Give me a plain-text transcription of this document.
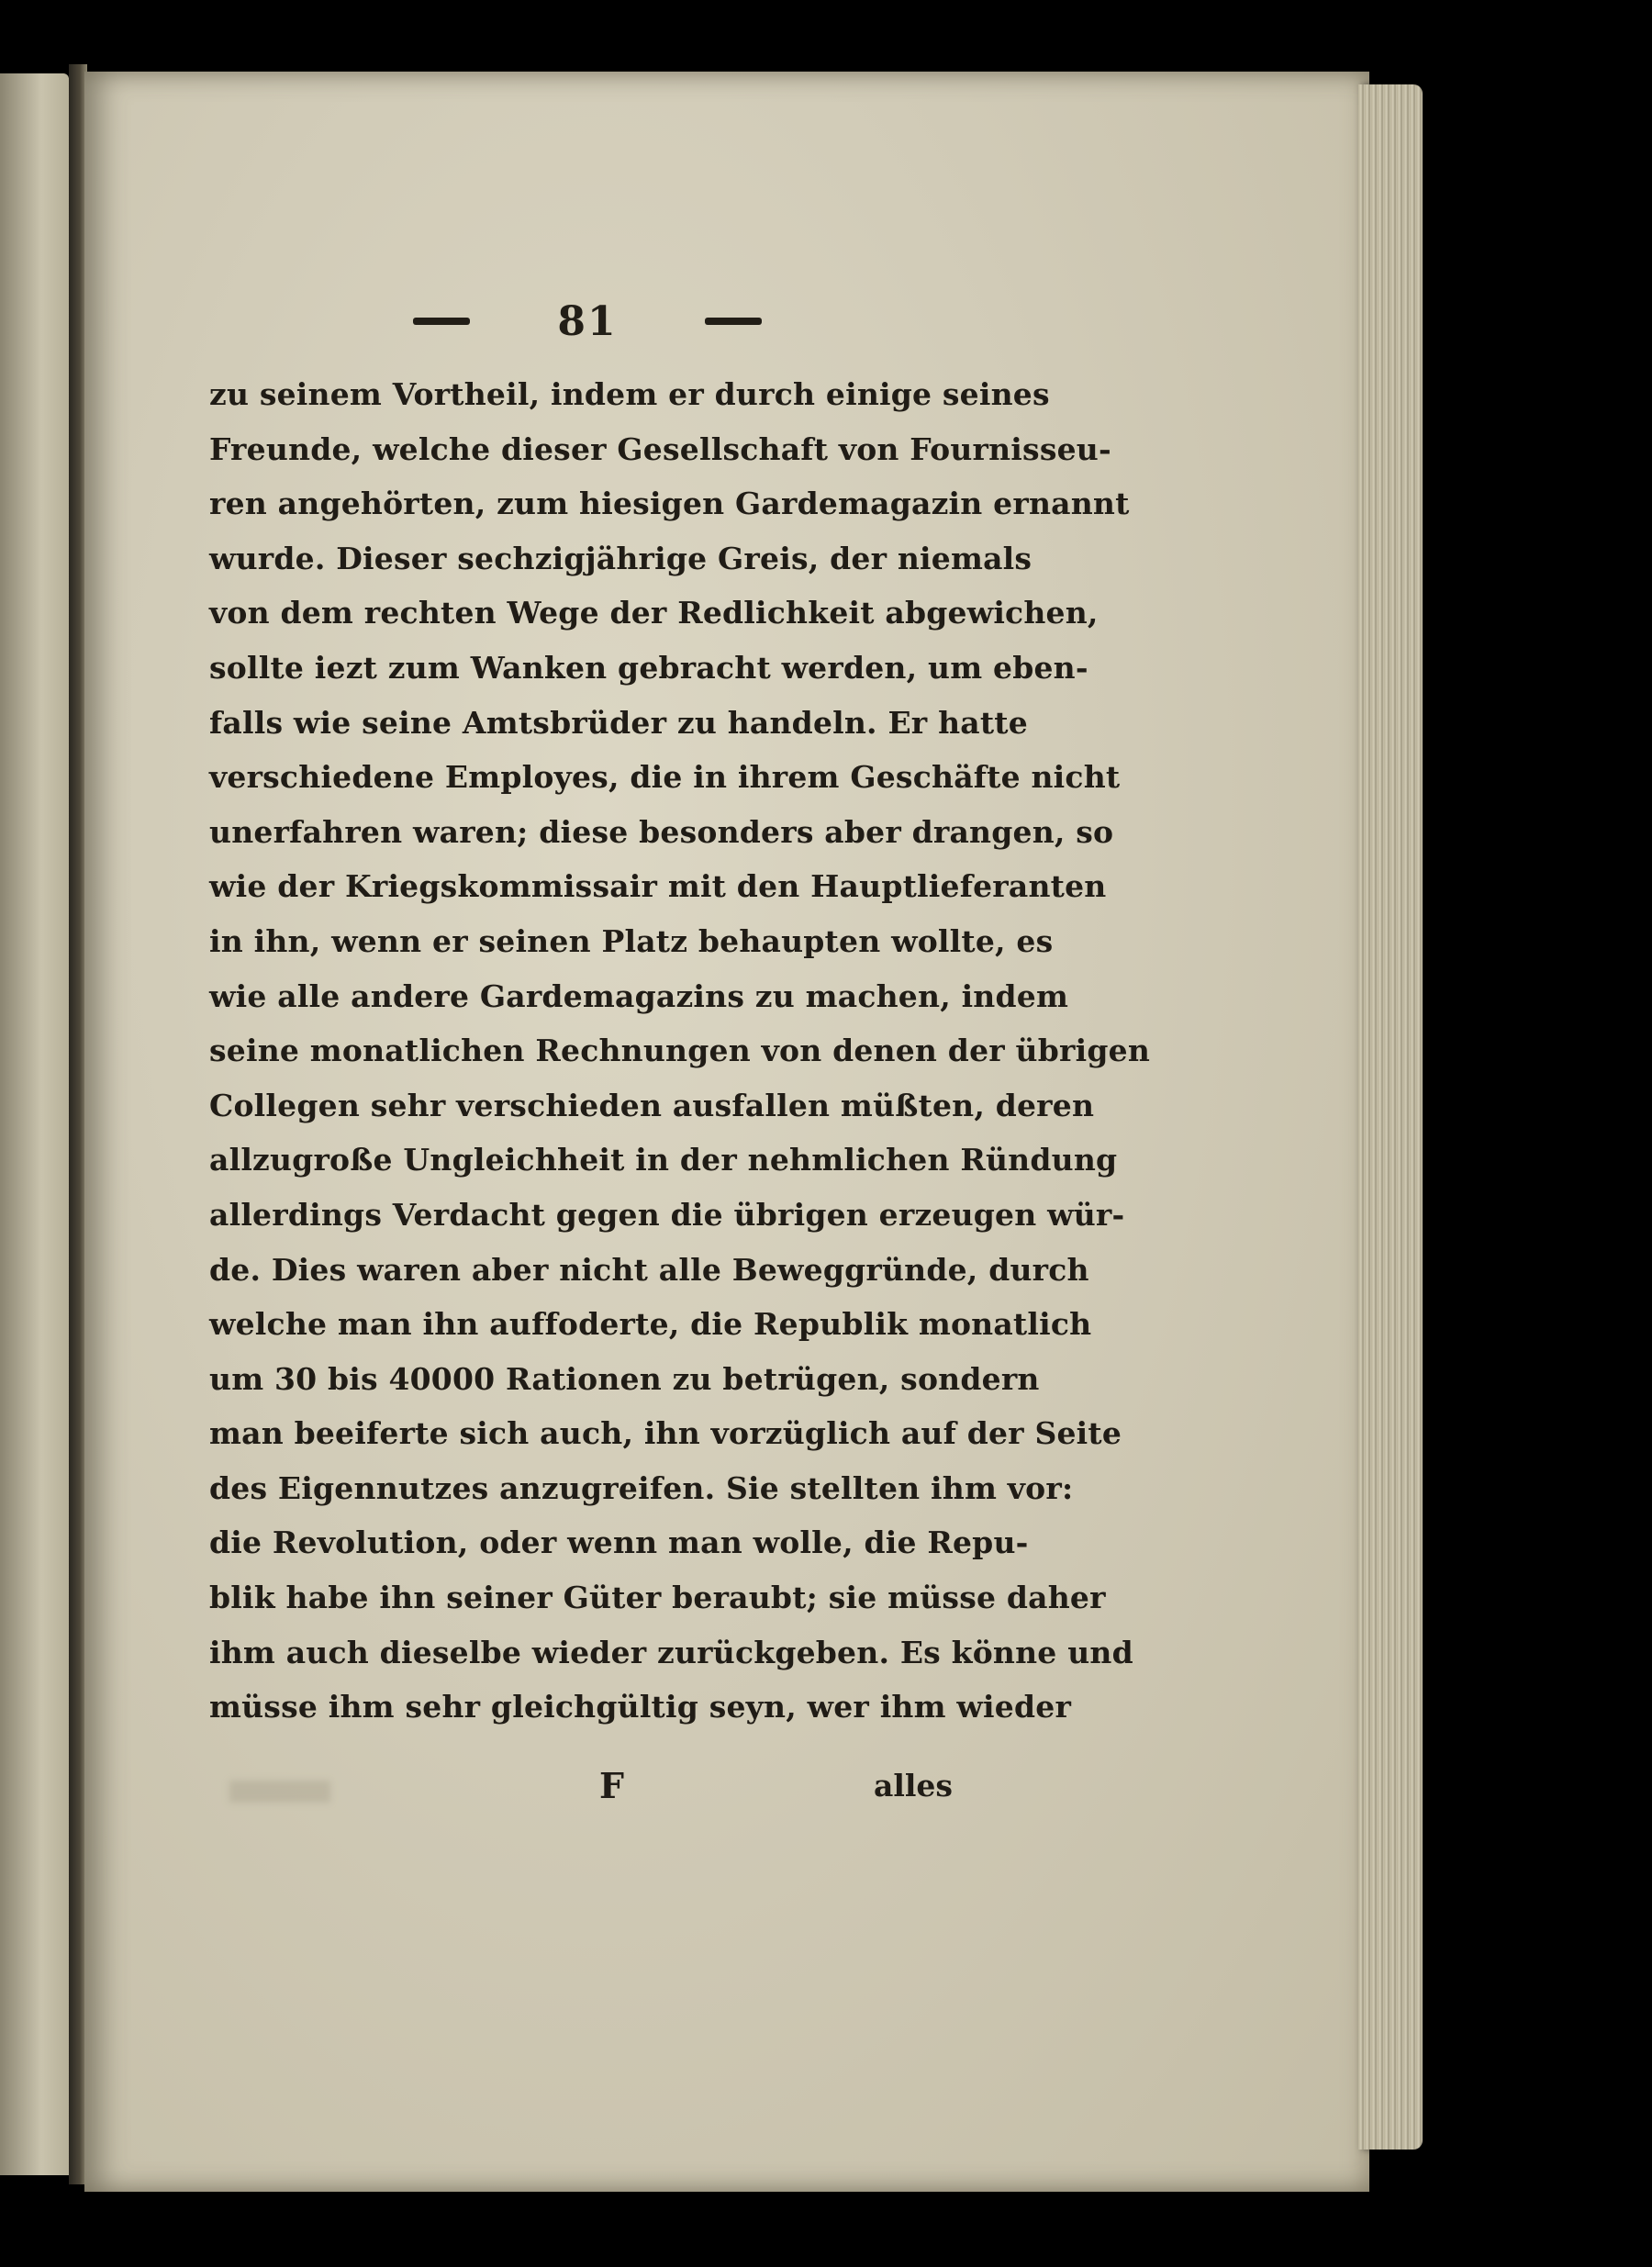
81
zu seinem Vortheil, indem er durch einige seines
Freunde, welche dieser Gesellschaft von Fournisseu-
ren angehörten, zum hiesigen Gardemagazin ernannt
wurde. Dieser sechzigjährige Greis, der niemals
von dem rechten Wege der Redlichkeit abgewichen,
sollte iezt zum Wanken gebracht werden, um eben-
falls wie seine Amtsbrüder zu handeln. Er hatte
verschiedene Employes, die in ihrem Geschäfte nicht
unerfahren waren; diese besonders aber drangen, so
wie der Kriegskommissair mit den Hauptlieferanten
in ihn, wenn er seinen Platz behaupten wollte, es
wie alle andere Gardemagazins zu machen, indem
seine monatlichen Rechnungen von denen der übrigen
Collegen sehr verschieden ausfallen müßten, deren
allzugroße Ungleichheit in der nehmlichen Ründung
allerdings Verdacht gegen die übrigen erzeugen wür-
de. Dies waren aber nicht alle Beweggründe, durch
welche man ihn auffoderte, die Republik monatlich
um 30 bis 40000 Rationen zu betrügen, sondern
man beeiferte sich auch, ihn vorzüglich auf der Seite
des Eigennutzes anzugreifen. Sie stellten ihm vor:
die Revolution, oder wenn man wolle, die Repu-
blik habe ihn seiner Güter beraubt; sie müsse daher
ihm auch dieselbe wieder zurückgeben. Es könne und
müsse ihm sehr gleichgültig seyn, wer ihm wieder
F	alles
